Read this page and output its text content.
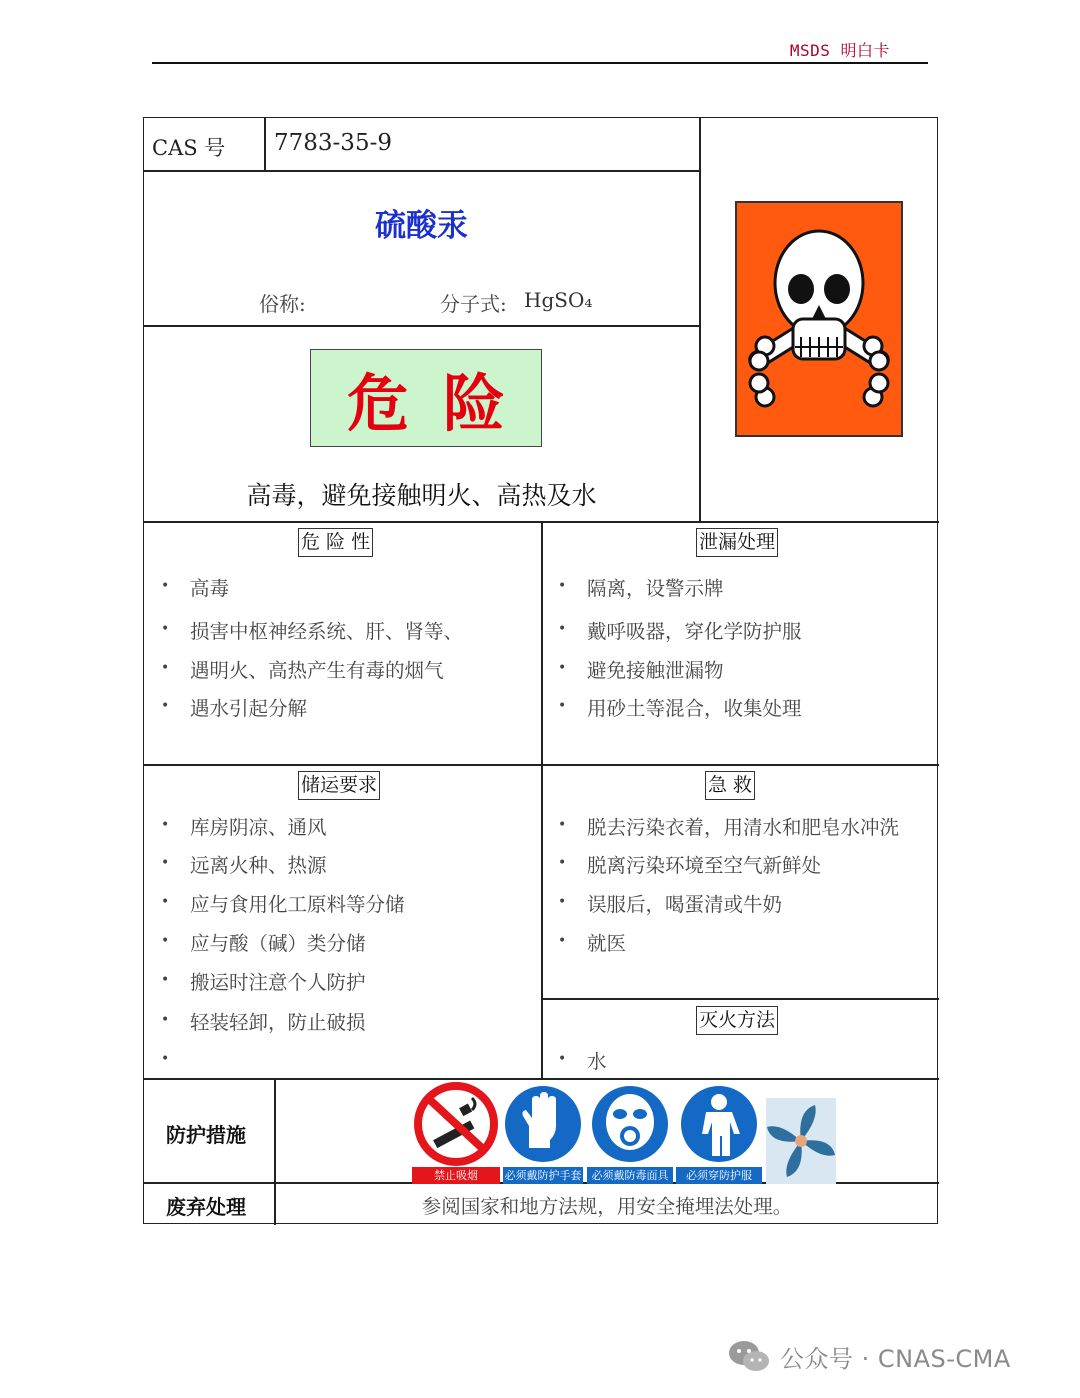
MSDS 明白卡
CAS 号 7783-35-9
硫酸汞
俗称:	分子式: HgSO₄
危险
高毒，避免接触明火、高热及水
危 险 性
• 高毒
• 损害中枢神经系统、肝、肾等、
• 遇明火、高热产生有毒的烟气
• 遇水引起分解
泄漏处理
• 隔离，设警示牌
• 戴呼吸器，穿化学防护服
• 避免接触泄漏物
• 用砂土等混合，收集处理
储运要求
• 库房阴凉、通风
• 远离火种、热源
• 应与食用化工原料等分储
• 应与酸（碱）类分储
• 搬运时注意个人防护
• 轻装轻卸，防止破损
•
急 救
• 脱去污染衣着，用清水和肥皂水冲洗
• 脱离污染环境至空气新鲜处
• 误服后，喝蛋清或牛奶
• 就医
灭火方法
• 水
防护措施
禁止吸烟	必须戴防护手套 必须戴防毒面具	必须穿防护服
废弃处理	参阅国家和地方法规，用安全掩埋法处理。
公众号 · CNAS-CMA
